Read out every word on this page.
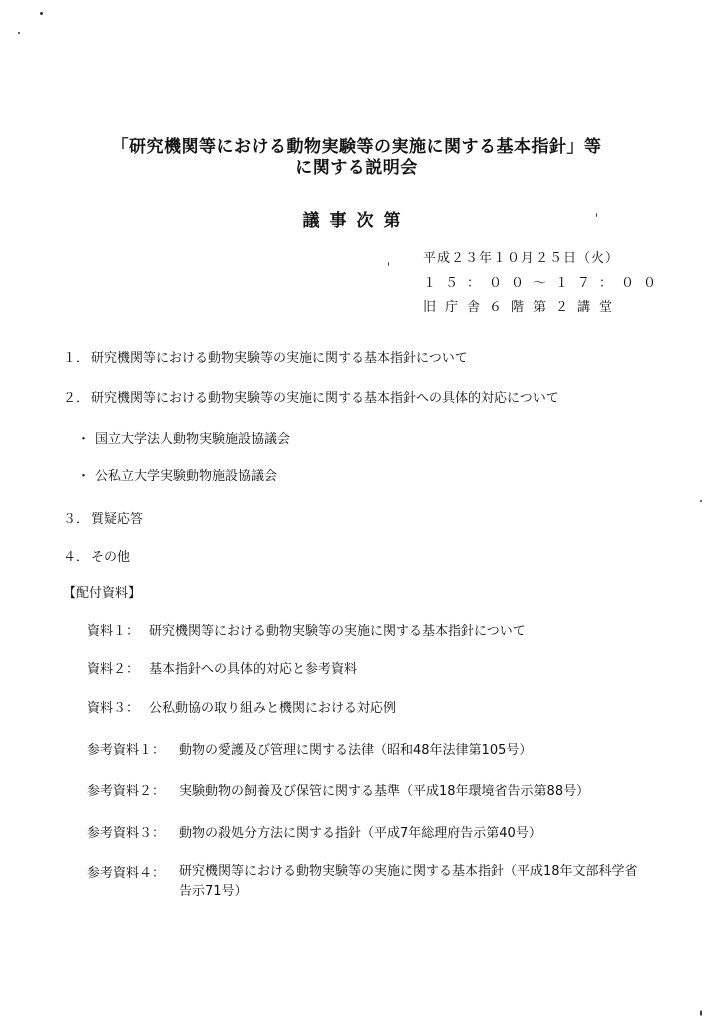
「研究機関等における動物実験等の実施に関する基本指針」等
に関する説明会
議事次第
平成２３年１０月２５日（火）
１５：００～１７：００
旧庁舎６階第２講堂
１． 研究機関等における動物実験等の実施に関する基本指針について
２． 研究機関等における動物実験等の実施に関する基本指針への具体的対応について
・ 国立大学法人動物実験施設協議会
・ 公私立大学実験動物施設協議会
３． 質疑応答
４． その他
【配付資料】
資料１： 研究機関等における動物実験等の実施に関する基本指針について
資料２： 基本指針への具体的対応と参考資料
資料３： 公私動協の取り組みと機関における対応例
参考資料１： 動物の愛護及び管理に関する法律（昭和48年法律第105号）
参考資料２： 実験動物の飼養及び保管に関する基準（平成18年環境省告示第88号）
参考資料３： 動物の殺処分方法に関する指針（平成7年総理府告示第40号）
参考資料４： 研究機関等における動物実験等の実施に関する基本指針（平成18年文部科学省告示71号）
